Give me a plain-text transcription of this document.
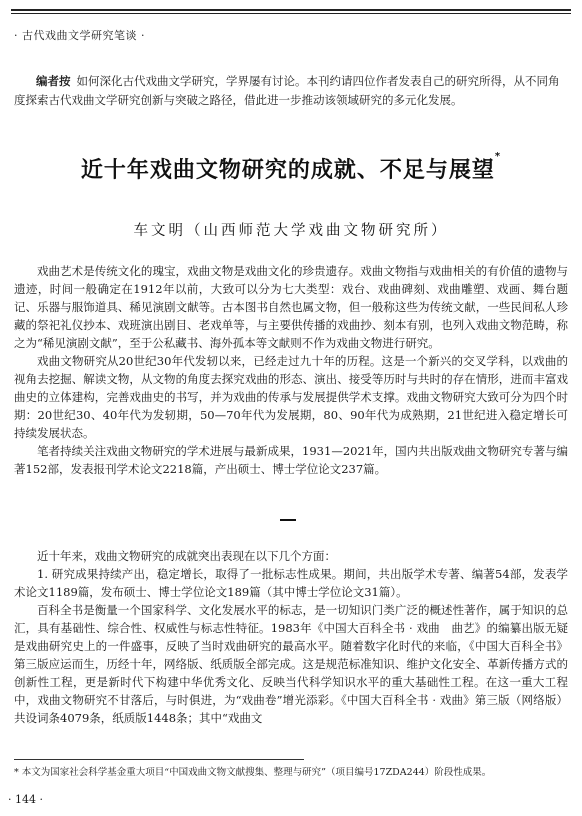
· 古代戏曲文学研究笔谈 ·
编者按 如何深化古代戏曲文学研究，学界屡有讨论。本刊约请四位作者发表自己的研究所得，从不同角度探索古代戏曲文学研究创新与突破之路径，借此进一步推动该领域研究的多元化发展。
近十年戏曲文物研究的成就、不足与展望*
车文明（山西师范大学戏曲文物研究所）

戏曲艺术是传统文化的瑰宝，戏曲文物是戏曲文化的珍贵遗存。戏曲文物指与戏曲相关的有价值的遗物与遗迹，时间一般确定在1912年以前，大致可以分为七大类型：戏台、戏曲碑刻、戏曲雕塑、戏画、舞台题记、乐器与服饰道具、稀见演剧文献等。古本图书自然也属文物，但一般称这些为传统文献，一些民间私人珍藏的祭祀礼仪抄本、戏班演出剧目、老戏单等，与主要供传播的戏曲抄、刻本有别，也列入戏曲文物范畴，称之为“稀见演剧文献”，至于公私藏书、海外孤本等文献则不作为戏曲文物进行研究。

戏曲文物研究从20世纪30年代发轫以来，已经走过九十年的历程。这是一个新兴的交叉学科，以戏曲的视角去挖掘、解读文物，从文物的角度去探究戏曲的形态、演出、接受等历时与共时的存在情形，进而丰富戏曲史的立体建构，完善戏曲史的书写，并为戏曲的传承与发展提供学术支撑。戏曲文物研究大致可分为四个时期：20世纪30、40年代为发轫期，50—70年代为发展期，80、90年代为成熟期，21世纪进入稳定增长可持续发展状态。

笔者持续关注戏曲文物研究的学术进展与最新成果，1931—2021年，国内共出版戏曲文物研究专著与编著152部，发表报刊学术论文2218篇，产出硕士、博士学位论文237篇。

近十年来，戏曲文物研究的成就突出表现在以下几个方面：

1. 研究成果持续产出，稳定增长，取得了一批标志性成果。期间，共出版学术专著、编著54部，发表学术论文1189篇，发布硕士、博士学位论文189篇（其中博士学位论文31篇）。

百科全书是衡量一个国家科学、文化发展水平的标志，是一切知识门类广泛的概述性著作，属于知识的总汇，具有基础性、综合性、权威性与标志性特征。1983年《中国大百科全书 · 戏曲　曲艺》的编纂出版无疑是戏曲研究史上的一件盛事，反映了当时戏曲研究的最高水平。随着数字化时代的来临，《中国大百科全书》第三版应运而生，历经十年，网络版、纸质版全部完成。这是规范标准知识、维护文化安全、革新传播方式的创新性工程，更是新时代下构建中华优秀文化、反映当代科学知识水平的重大基础性工程。在这一重大工程中，戏曲文物研究不甘落后，与时俱进，为“戏曲卷”增光添彩。《中国大百科全书 · 戏曲》第三版（网络版）共设词条4079条，纸质版1448条；其中“戏曲文

* 本文为国家社会科学基金重大项目“中国戏曲文物文献搜集、整理与研究”（项目编号17ZDA244）阶段性成果。
· 144 ·
